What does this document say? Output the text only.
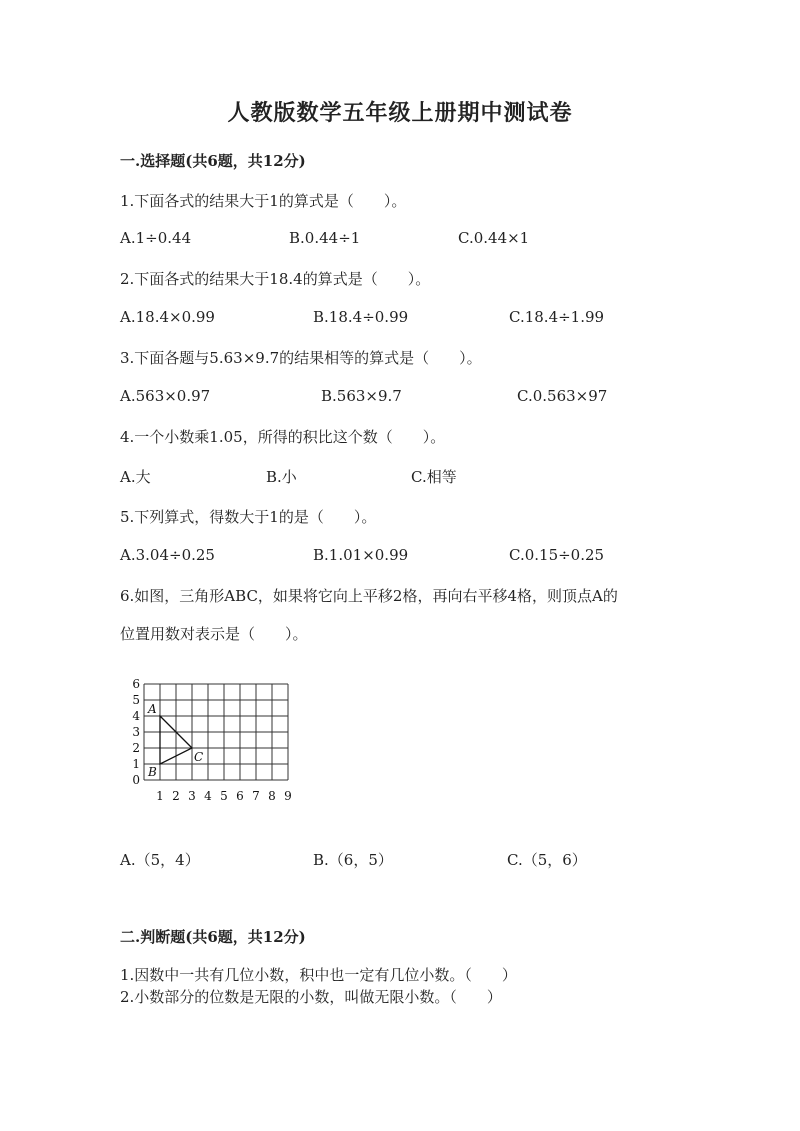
人教版数学五年级上册期中测试卷
一.选择题(共6题，共12分)
1.下面各式的结果大于1的算式是（　　）。
A.1÷0.44	B.0.44÷1	C.0.44×1
2.下面各式的结果大于18.4的算式是（　　）。
A.18.4×0.99	B.18.4÷0.99	C.18.4÷1.99
3.下面各题与5.63×9.7的结果相等的算式是（　　）。
A.563×0.97	B.563×9.7	C.0.563×97
4.一个小数乘1.05，所得的积比这个数（　　）。
A.大	B.小	C.相等
5.下列算式，得数大于1的是（　　）。
A.3.04÷0.25	B.1.01×0.99	C.0.15÷0.25
6.如图，三角形ABC，如果将它向上平移2格，再向右平移4格，则顶点A的
位置用数对表示是（　　）。
6
5
4
3
2
1
0
1 2 3 4 5 6 7 8 9
A
B
C
A.（5，4）	B.（6，5）	C.（5，6）
二.判断题(共6题，共12分)
1.因数中一共有几位小数，积中也一定有几位小数。（　　）
2.小数部分的位数是无限的小数，叫做无限小数。（　　）
